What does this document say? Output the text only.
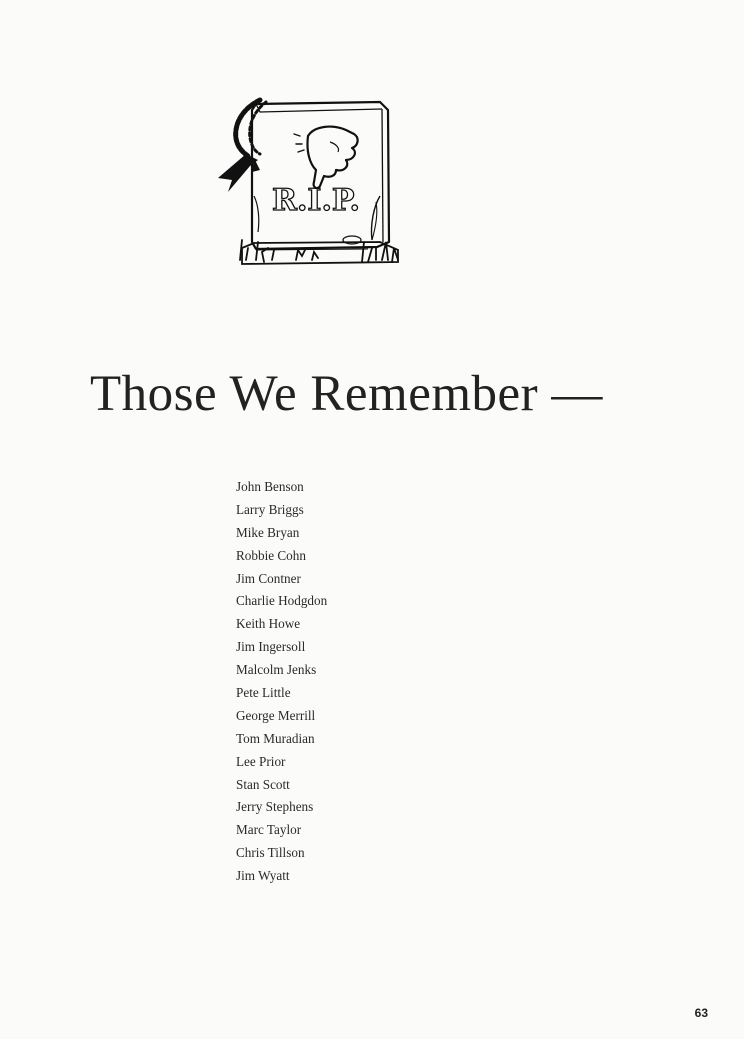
R.I.P.
Those We Remember —
John Benson
Larry Briggs
Mike Bryan
Robbie Cohn
Jim Contner
Charlie Hodgdon
Keith Howe
Jim Ingersoll
Malcolm Jenks
Pete Little
George Merrill
Tom Muradian
Lee Prior
Stan Scott
Jerry Stephens
Marc Taylor
Chris Tillson
Jim Wyatt
63
